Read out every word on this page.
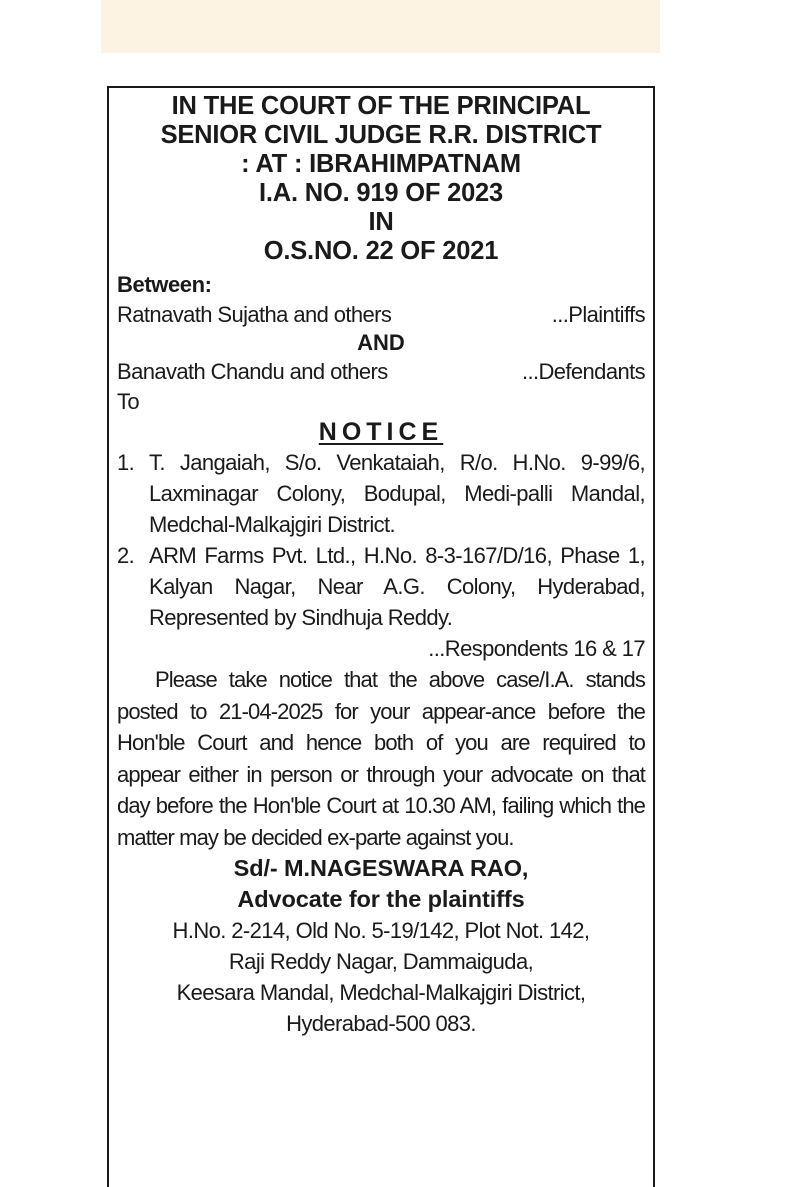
IN THE COURT OF THE PRINCIPAL
SENIOR CIVIL JUDGE R.R. DISTRICT
: AT : IBRAHIMPATNAM
I.A. NO. 919 OF 2023
IN
O.S.NO. 22 OF 2021
Between:
Ratnavath Sujatha and others	...Plaintiffs
AND
Banavath Chandu and others	...Defendants
To
NOTICE
1. T. Jangaiah, S/o. Venkataiah, R/o. H.No. 9-99/6, Laxminagar Colony, Bodupal, Medi-palli Mandal, Medchal-Malkajgiri District.
2. ARM Farms Pvt. Ltd., H.No. 8-3-167/D/16, Phase 1, Kalyan Nagar, Near A.G. Colony, Hyderabad, Represented by Sindhuja Reddy.
...Respondents 16 & 17
Please take notice that the above case/I.A. stands posted to 21-04-2025 for your appear-ance before the Hon'ble Court and hence both of you are required to appear either in person or through your advocate on that day before the Hon'ble Court at 10.30 AM, failing which the matter may be decided ex-parte against you.
Sd/- M.NAGESWARA RAO,
Advocate for the plaintiffs
H.No. 2-214, Old No. 5-19/142, Plot Not. 142,
Raji Reddy Nagar, Dammaiguda,
Keesara Mandal, Medchal-Malkajgiri District,
Hyderabad-500 083.
